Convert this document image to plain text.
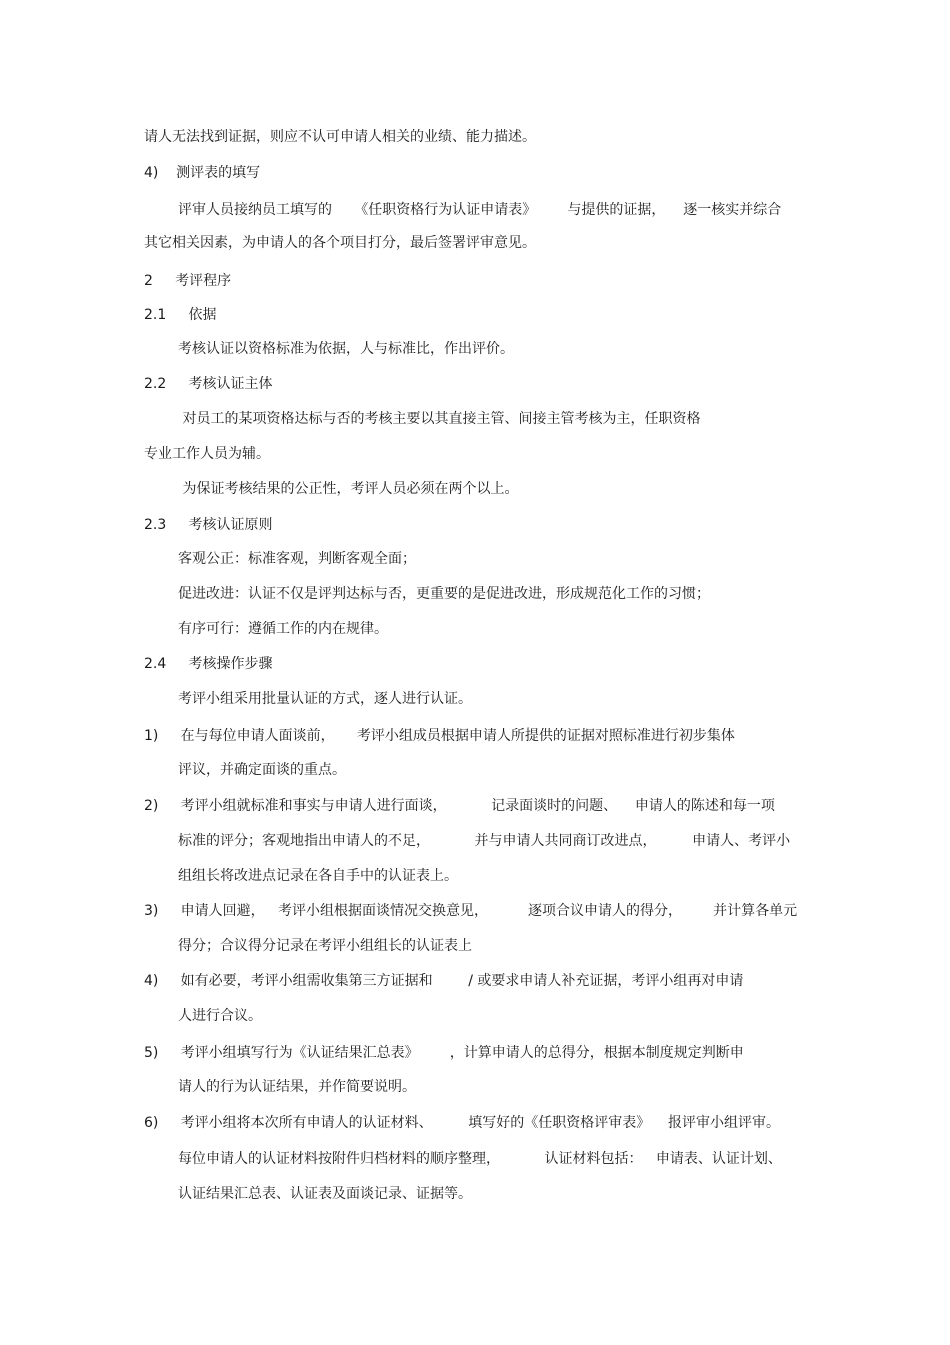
请人无法找到证据，则应不认可申请人相关的业绩、能力描述。
4)    测评表的填写
评审人员接纳员工填写的     《任职资格行为认证申请表》       与提供的证据，    逐一核实并综合
其它相关因素，为申请人的各个项目打分，最后签署评审意见。
2     考评程序
2.1     依据
考核认证以资格标准为依据，人与标准比，作出评价。
2.2     考核认证主体
对员工的某项资格达标与否的考核主要以其直接主管、间接主管考核为主，任职资格
专业工作人员为辅。
为保证考核结果的公正性，考评人员必须在两个以上。
2.3     考核认证原则
客观公正：标准客观，判断客观全面；
促进改进：认证不仅是评判达标与否，更重要的是促进改进，形成规范化工作的习惯；
有序可行：遵循工作的内在规律。
2.4     考核操作步骤
考评小组采用批量认证的方式，逐人进行认证。
1)     在与每位申请人面谈前，     考评小组成员根据申请人所提供的证据对照标准进行初步集体
评议，并确定面谈的重点。
2)     考评小组就标准和事实与申请人进行面谈，          记录面谈时的问题、    申请人的陈述和每一项
标准的评分；客观地指出申请人的不足，          并与申请人共同商订改进点，        申请人、考评小
组组长将改进点记录在各自手中的认证表上。
3)     申请人回避，   考评小组根据面谈情况交换意见，         逐项合议申请人的得分，       并计算各单元
得分；合议得分记录在考评小组组长的认证表上
4)     如有必要，考评小组需收集第三方证据和        / 或要求申请人补充证据，考评小组再对申请
人进行合议。
5)     考评小组填写行为《认证结果汇总表》       ，计算申请人的总得分，根据本制度规定判断申
请人的行为认证结果，并作简要说明。
6)     考评小组将本次所有申请人的认证材料、        填写好的《任职资格评审表》    报评审小组评审。
每位申请人的认证材料按附件归档材料的顺序整理，          认证材料包括：   申请表、认证计划、
认证结果汇总表、认证表及面谈记录、证据等。
